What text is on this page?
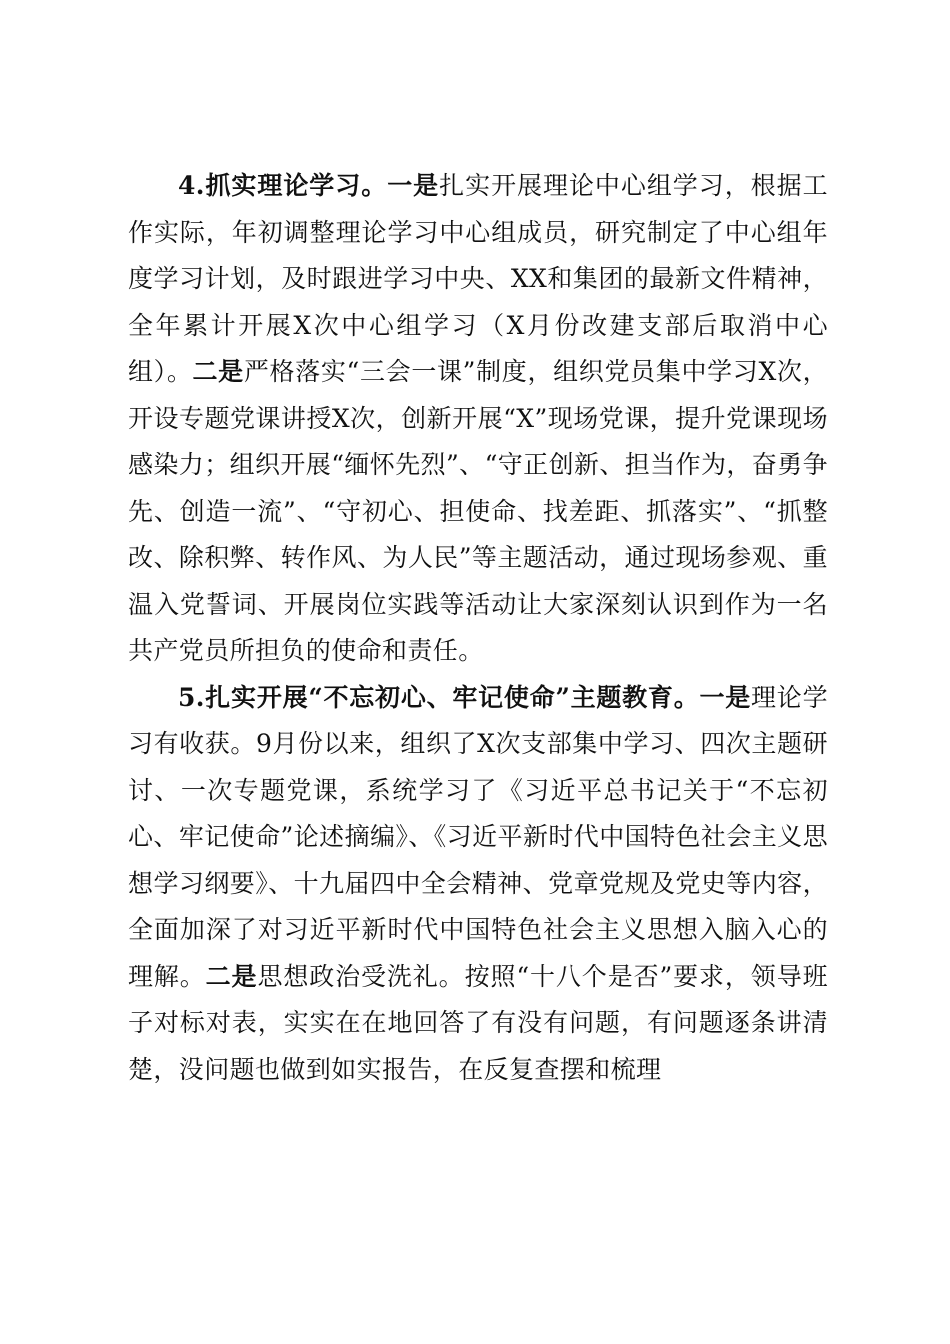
4.抓实理论学习。一是扎实开展理论中心组学习，根据工作实际，年初调整理论学习中心组成员，研究制定了中心组年度学习计划，及时跟进学习中央、XX和集团的最新文件精神，全年累计开展X次中心组学习（X月份改建支部后取消中心组）。二是严格落实“三会一课”制度，组织党员集中学习X次，开设专题党课讲授X次，创新开展“X”现场党课，提升党课现场感染力；组织开展“缅怀先烈”、“守正创新、担当作为，奋勇争先、创造一流”、“守初心、担使命、找差距、抓落实”、“抓整改、除积弊、转作风、为人民”等主题活动，通过现场参观、重温入党誓词、开展岗位实践等活动让大家深刻认识到作为一名共产党员所担负的使命和责任。

5.扎实开展“不忘初心、牢记使命”主题教育。一是理论学习有收获。9月份以来，组织了X次支部集中学习、四次主题研讨、一次专题党课，系统学习了《习近平总书记关于“不忘初心、牢记使命”论述摘编》、《习近平新时代中国特色社会主义思想学习纲要》、十九届四中全会精神、党章党规及党史等内容，全面加深了对习近平新时代中国特色社会主义思想入脑入心的理解。二是思想政治受洗礼。按照“十八个是否”要求，领导班子对标对表，实实在在地回答了有没有问题，有问题逐条讲清楚，没问题也做到如实报告，在反复查摆和梳理
